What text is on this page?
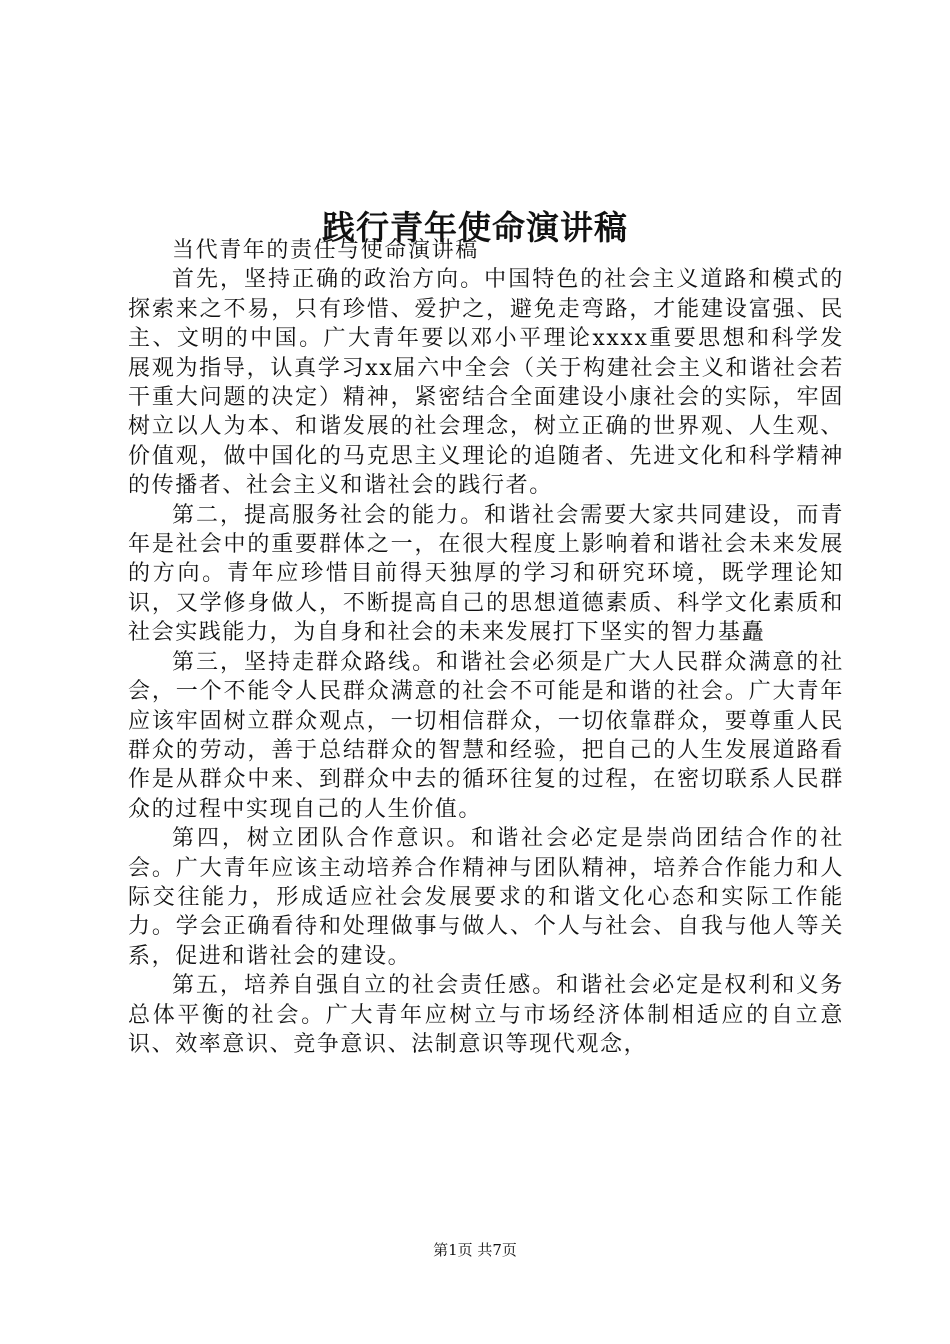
践行青年使命演讲稿

当代青年的责任与使命演讲稿

首先，坚持正确的政治方向。中国特色的社会主义道路和模式的探索来之不易，只有珍惜、爱护之，避免走弯路，才能建设富强、民主、文明的中国。广大青年要以邓小平理论xxxx重要思想和科学发展观为指导，认真学习xx届六中全会（关于构建社会主义和谐社会若干重大问题的决定）精神，紧密结合全面建设小康社会的实际，牢固树立以人为本、和谐发展的社会理念，树立正确的世界观、人生观、价值观，做中国化的马克思主义理论的追随者、先进文化和科学精神的传播者、社会主义和谐社会的践行者。

第二，提高服务社会的能力。和谐社会需要大家共同建设，而青年是社会中的重要群体之一，在很大程度上影响着和谐社会未来发展的方向。青年应珍惜目前得天独厚的学习和研究环境，既学理论知识，又学修身做人，不断提高自己的思想道德素质、科学文化素质和社会实践能力，为自身和社会的未来发展打下坚实的智力基矗

第三，坚持走群众路线。和谐社会必须是广大人民群众满意的社会，一个不能令人民群众满意的社会不可能是和谐的社会。广大青年应该牢固树立群众观点，一切相信群众，一切依靠群众，要尊重人民群众的劳动，善于总结群众的智慧和经验，把自己的人生发展道路看作是从群众中来、到群众中去的循环往复的过程，在密切联系人民群众的过程中实现自己的人生价值。

第四，树立团队合作意识。和谐社会必定是崇尚团结合作的社会。广大青年应该主动培养合作精神与团队精神，培养合作能力和人际交往能力，形成适应社会发展要求的和谐文化心态和实际工作能力。学会正确看待和处理做事与做人、个人与社会、自我与他人等关系，促进和谐社会的建设。

第五，培养自强自立的社会责任感。和谐社会必定是权利和义务总体平衡的社会。广大青年应树立与市场经济体制相适应的自立意识、效率意识、竞争意识、法制意识等现代观念，

第1页 共7页
